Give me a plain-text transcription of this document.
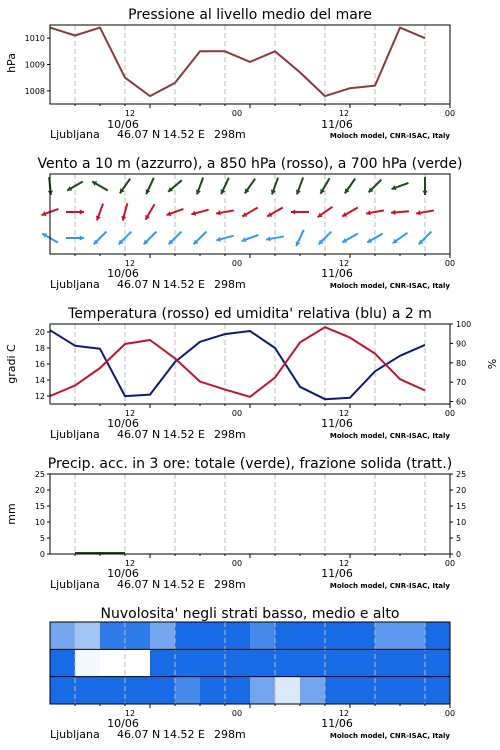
Pressione al livello medio del mare
hPa
1008
1009
1010
12	00	12	00
10/06	11/06
Ljubljana 46.07 N 14.52 E 298m	Moloch model, CNR-ISAC, Italy
Vento a 10 m (azzurro), a 850 hPa (rosso), a 700 hPa (verde)
12	00	12	00
10/06	11/06
Ljubljana 46.07 N 14.52 E 298m	Moloch model, CNR-ISAC, Italy
Temperatura (rosso) ed umidita' relativa (blu) a 2 m
gradi C	%
12
14
16
18
20
60
70
80
90
100
12	00	12	00
10/06	11/06
Ljubljana 46.07 N 14.52 E 298m	Moloch model, CNR-ISAC, Italy
Precip. acc. in 3 ore: totale (verde), frazione solida (tratt.)
mm
0
5
10
15
20
25
0
5
10
15
20
25
12	00	12	00
10/06	11/06
Ljubljana 46.07 N 14.52 E 298m	Moloch model, CNR-ISAC, Italy
Nuvolosita' negli strati basso, medio e alto
12	00	12	00
10/06	11/06
Ljubljana 46.07 N 14.52 E 298m	Moloch model, CNR-ISAC, Italy
